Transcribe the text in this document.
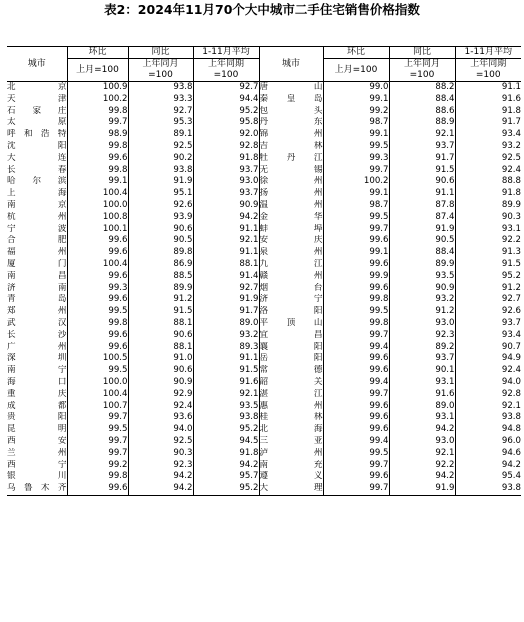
表2：2024年11月70个大中城市二手住宅销售价格指数
城市	环比	同比	1-11月平均	城市	环比	同比	1-11月平均
	上月=100	上年同月
=100	上年同期
=100		上月=100	上年同月
=100	上年同期
=100
北京	100.9	93.8	92.7	唐山	99.0	88.2	91.1
天津	100.2	93.3	94.4	秦皇岛	99.1	88.4	91.6
石家庄	99.8	92.7	95.2	包头	99.2	88.6	91.8
太原	99.7	95.3	95.8	丹东	98.7	88.9	91.7
呼和浩特	98.9	89.1	92.0	锦州	99.1	92.1	93.4
沈阳	99.8	92.5	92.8	吉林	99.5	93.7	93.2
大连	99.6	90.2	91.8	牡丹江	99.3	91.7	92.5
长春	99.8	93.8	93.7	无锡	99.7	91.5	92.4
哈尔滨	99.1	91.9	93.0	徐州	100.2	90.6	88.8
上海	100.4	95.1	93.7	扬州	99.1	91.1	91.8
南京	100.0	92.6	90.9	温州	98.7	87.8	89.9
杭州	100.8	93.9	94.2	金华	99.5	87.4	90.3
宁波	100.1	90.6	91.1	蚌埠	99.7	91.9	93.1
合肥	99.6	90.5	92.1	安庆	99.6	90.5	92.2
福州	99.6	89.8	91.1	泉州	99.1	88.4	91.3
厦门	100.4	86.9	88.1	九江	99.6	89.9	91.5
南昌	99.6	88.5	91.4	赣州	99.9	93.5	95.2
济南	99.3	89.9	92.7	烟台	99.6	90.9	91.2
青岛	99.6	91.2	91.9	济宁	99.8	93.2	92.7
郑州	99.5	91.5	91.7	洛阳	99.5	91.2	92.6
武汉	99.8	88.1	89.0	平顶山	99.8	93.0	93.7
长沙	99.6	90.6	93.2	宜昌	99.7	92.3	93.4
广州	99.6	88.1	89.3	襄阳	99.4	89.2	90.7
深圳	100.5	91.0	91.1	岳阳	99.6	93.7	94.9
南宁	99.5	90.6	91.5	常德	99.6	90.1	92.4
海口	100.0	90.9	91.6	韶关	99.4	93.1	94.0
重庆	100.4	92.9	92.1	湛江	99.7	91.6	92.8
成都	100.7	92.4	93.5	惠州	99.6	89.0	92.1
贵阳	99.7	93.6	93.8	桂林	99.6	93.1	93.8
昆明	99.5	94.0	95.2	北海	99.6	94.2	94.8
西安	99.7	92.5	94.5	三亚	99.4	93.0	96.0
兰州	99.7	90.3	91.8	泸州	99.5	92.1	94.6
西宁	99.2	92.3	94.2	南充	99.7	92.2	94.2
银川	99.8	94.2	95.7	遵义	99.6	94.2	95.4
乌鲁木齐	99.6	94.2	95.2	大理	99.7	91.9	93.8
